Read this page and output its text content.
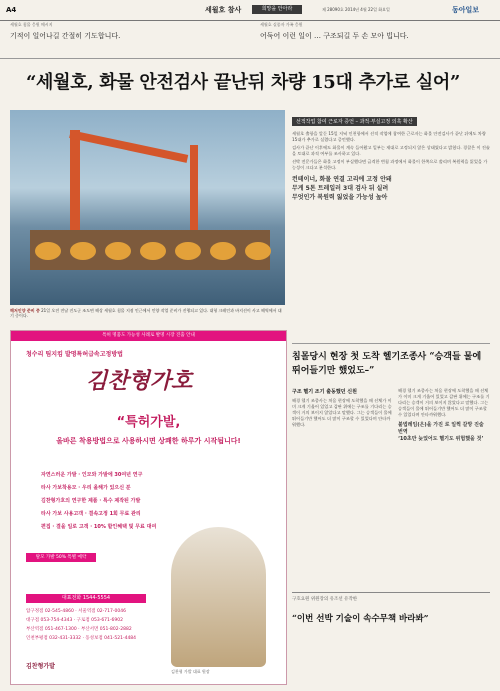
A4	세월호 참사	희망을 안아라	제 28090호 2014년 4월 22일 화요일	동아일보
세월호 침몰 응원 메시지
기적이 일어나길 간절히 기도합니다.
세월호 실종자 가족 응원
어둑어 이런 일이 … 구조되길 두 손 모아 빕니다.
“세월호, 화물 안전검사 끝난뒤 차량 15대 추가로 실어”
해저인양 준비 중 21일 오전 전남 진도군 조도면 해상 세월호 침몰 지점 인근에서 인양 작업 준비가 진행되고 있다. 대형 크레인과 바지선이 사고 해역에서 대기 중이다.
특허 명품도 가능성 사례로 발명 시장 진출 안내
청수리 팀지킴 발명특허급속고정방법
김찬형가호
“특허가발,
올바른 착용방법으로 사용하시면 상쾌한 하루가 시작됩니다!
자연스러운 가발 · 인모와 가발에 30여년 연구
타사 가보착용모 · 우리 올해가 있으신 분
김찬형가호의 연구한 제품 · 특수 제작된 가발
타사 가보 사용고객 · 결속고정 1회 무료 관리
편집 · 결을 일로 고객 · 10% 할인혜택 및 무료 대여
탈모 가발 50% 특별 예약
대표전화 1544-5554
압구정점 02-545-4860 · 서울역점 02-717-0046
대구점 053-754-4343 · 구로점 053-671-6902
부산역점 051-467-1300 · 부산서면 051-802-2882
인천부평점 032-431-3332 · 동성보점 041-521-4484
김찬형가발
김찬형 가발 대표 원장
선적작업 참여 근로자 증언 – 과적·부실고정 의혹 확산

세월호 출항을 앞둔 15일 저녁 인천항에서 선적 작업에 참여한 근로자는 화물 안전검사가 끝난 뒤에도 차량 15대가 추가로 실렸다고 증언했다.

검사가 끝난 이후에도 화물이 계속 들어왔고 일부는 제대로 고정되지 않은 상태였다고 밝혔다. 경찰은 이 진술을 토대로 과적 여부를 조사하고 있다.

선박 전문가들은 화물 고정이 부실했다면 급격한 변침 과정에서 화물이 한쪽으로 쏠리며 복원력을 잃었을 가능성이 크다고 분석한다.

컨테이너, 화물 연결 고리에 고정 안돼
무게 5톤 트레일러 3대 검사 뒤 실려
무엇인가 복원력 잃었을 가능성 높아
침몰당시 현장 첫 도착 헬기조종사 “승객들 물에 뛰어들기만 했었도–”
구조 헬기 조기 출동했던 신원
해경 헬기 조종사는 처음 현장에 도착했을 때 선체가 이미 크게 기울어 있었고 갑판 위에는 구조를 기다리는 승객이 거의 보이지 않았다고 말했다. 그는 승객들이 물에 뛰어들기만 했어도 더 많이 구조할 수 있었다며 안타까워했다.
해경 헬기 조종사는 처음 현장에 도착했을 때 선체가 이미 크게 기울어 있었고 갑판 위에는 구조를 기다리는 승객이 거의 보이지 않았다고 말했다. 그는 승객들이 물에 뛰어들기만 했어도 더 많이 구조할 수 있었다며 안타까워했다.
불법레임(은)을 가진 로 일찍 갈망 진술 번역
‘10초만 늦었어도 헬기도 위험했을 것’
구호요원 위원장의 유조선 유작한
“이번 선박 기술이 속수무책 바라봐”
